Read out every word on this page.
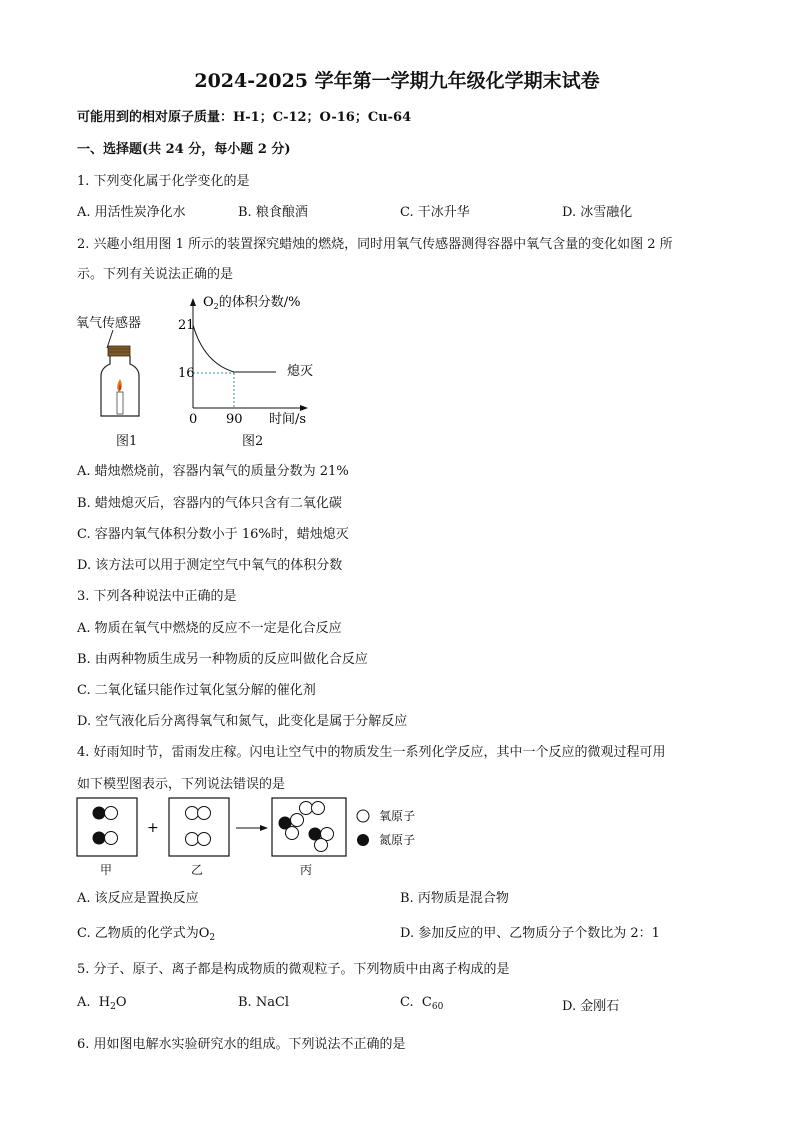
2024-2025 学年第一学期九年级化学期末试卷
可能用到的相对原子质量：H-1；C-12；O-16；Cu-64
一、选择题(共 24 分，每小题 2 分)
1. 下列变化属于化学变化的是
A. 用活性炭净化水	B. 粮食酿酒	C. 干冰升华	D. 冰雪融化
2. 兴趣小组用图 1 所示的装置探究蜡烛的燃烧，同时用氧气传感器测得容器中氧气含量的变化如图 2 所
示。下列有关说法正确的是
氧气传感器
图1
$O_2$的体积分数/%
21
16
0 90 时间/s
熄灭
图2
A. 蜡烛燃烧前，容器内氧气的质量分数为 21%
B. 蜡烛熄灭后，容器内的气体只含有二氧化碳
C. 容器内氧气体积分数小于 16%时，蜡烛熄灭
D. 该方法可以用于测定空气中氧气的体积分数
3. 下列各种说法中正确的是
A. 物质在氧气中燃烧的反应不一定是化合反应
B. 由两种物质生成另一种物质的反应叫做化合反应
C. 二氧化锰只能作过氧化氢分解的催化剂
D. 空气液化后分离得氧气和氮气，此变化是属于分解反应
4. 好雨知时节，雷雨发庄稼。闪电让空气中的物质发生一系列化学反应，其中一个反应的微观过程可用
如下模型图表示，下列说法错误的是
+
氧原子
氮原子
甲	乙	丙
A. 该反应是置换反应	B. 丙物质是混合物
C. 乙物质的化学式为$O_2$	D. 参加反应的甲、乙物质分子个数比为 2：1
5. 分子、原子、离子都是构成物质的微观粒子。下列物质中由离子构成的是
A. $H_2O$	B. NaCl	C. $C_{60}$	D. 金刚石
6. 用如图电解水实验研究水的组成。下列说法不正确的是
